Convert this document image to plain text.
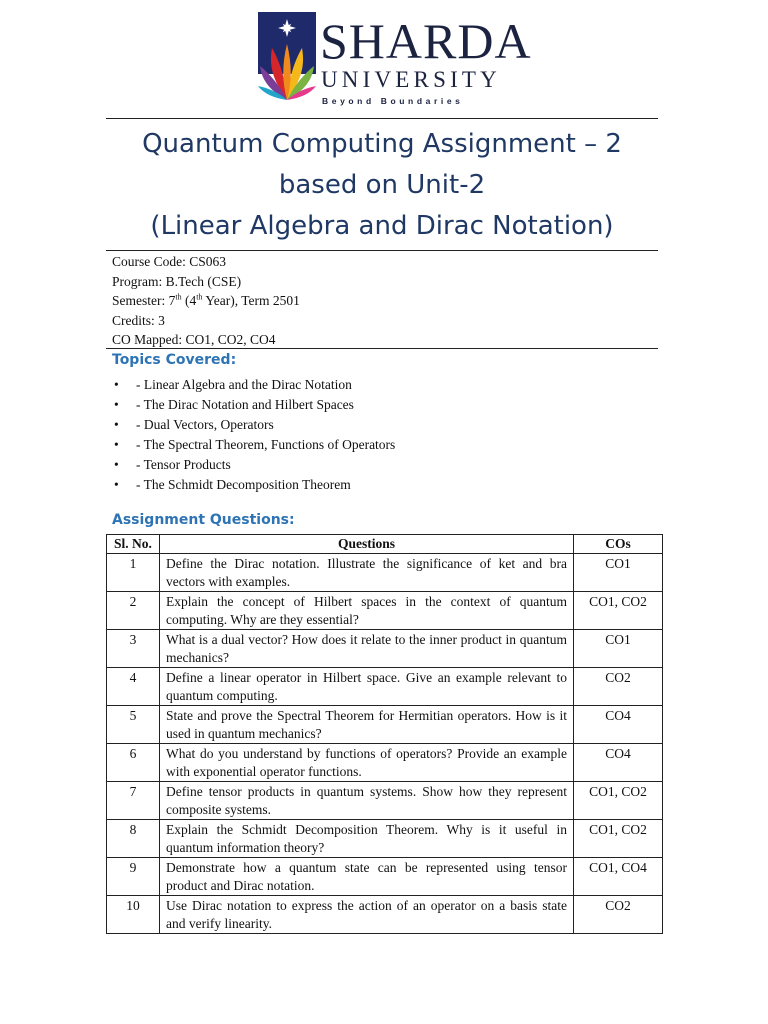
SHARDA
UNIVERSITY
Beyond Boundaries
Quantum Computing Assignment – 2
based on Unit-2
(Linear Algebra and Dirac Notation)
Course Code: CS063
Program: B.Tech (CSE)
Semester: 7th (4th Year), Term 2501
Credits: 3
CO Mapped: CO1, CO2, CO4
Topics Covered:
• - Linear Algebra and the Dirac Notation
• - The Dirac Notation and Hilbert Spaces
• - Dual Vectors, Operators
• - The Spectral Theorem, Functions of Operators
• - Tensor Products
• - The Schmidt Decomposition Theorem
Assignment Questions:
Sl. No.	Questions	COs
1	Define the Dirac notation. Illustrate the significance of ket and bra vectors with examples.	CO1
2	Explain the concept of Hilbert spaces in the context of quantum computing. Why are they essential?	CO1, CO2
3	What is a dual vector? How does it relate to the inner product in quantum mechanics?	CO1
4	Define a linear operator in Hilbert space. Give an example relevant to quantum computing.	CO2
5	State and prove the Spectral Theorem for Hermitian operators. How is it used in quantum mechanics?	CO4
6	What do you understand by functions of operators? Provide an example with exponential operator functions.	CO4
7	Define tensor products in quantum systems. Show how they represent composite systems.	CO1, CO2
8	Explain the Schmidt Decomposition Theorem. Why is it useful in quantum information theory?	CO1, CO2
9	Demonstrate how a quantum state can be represented using tensor product and Dirac notation.	CO1, CO4
10	Use Dirac notation to express the action of an operator on a basis state and verify linearity.	CO2
